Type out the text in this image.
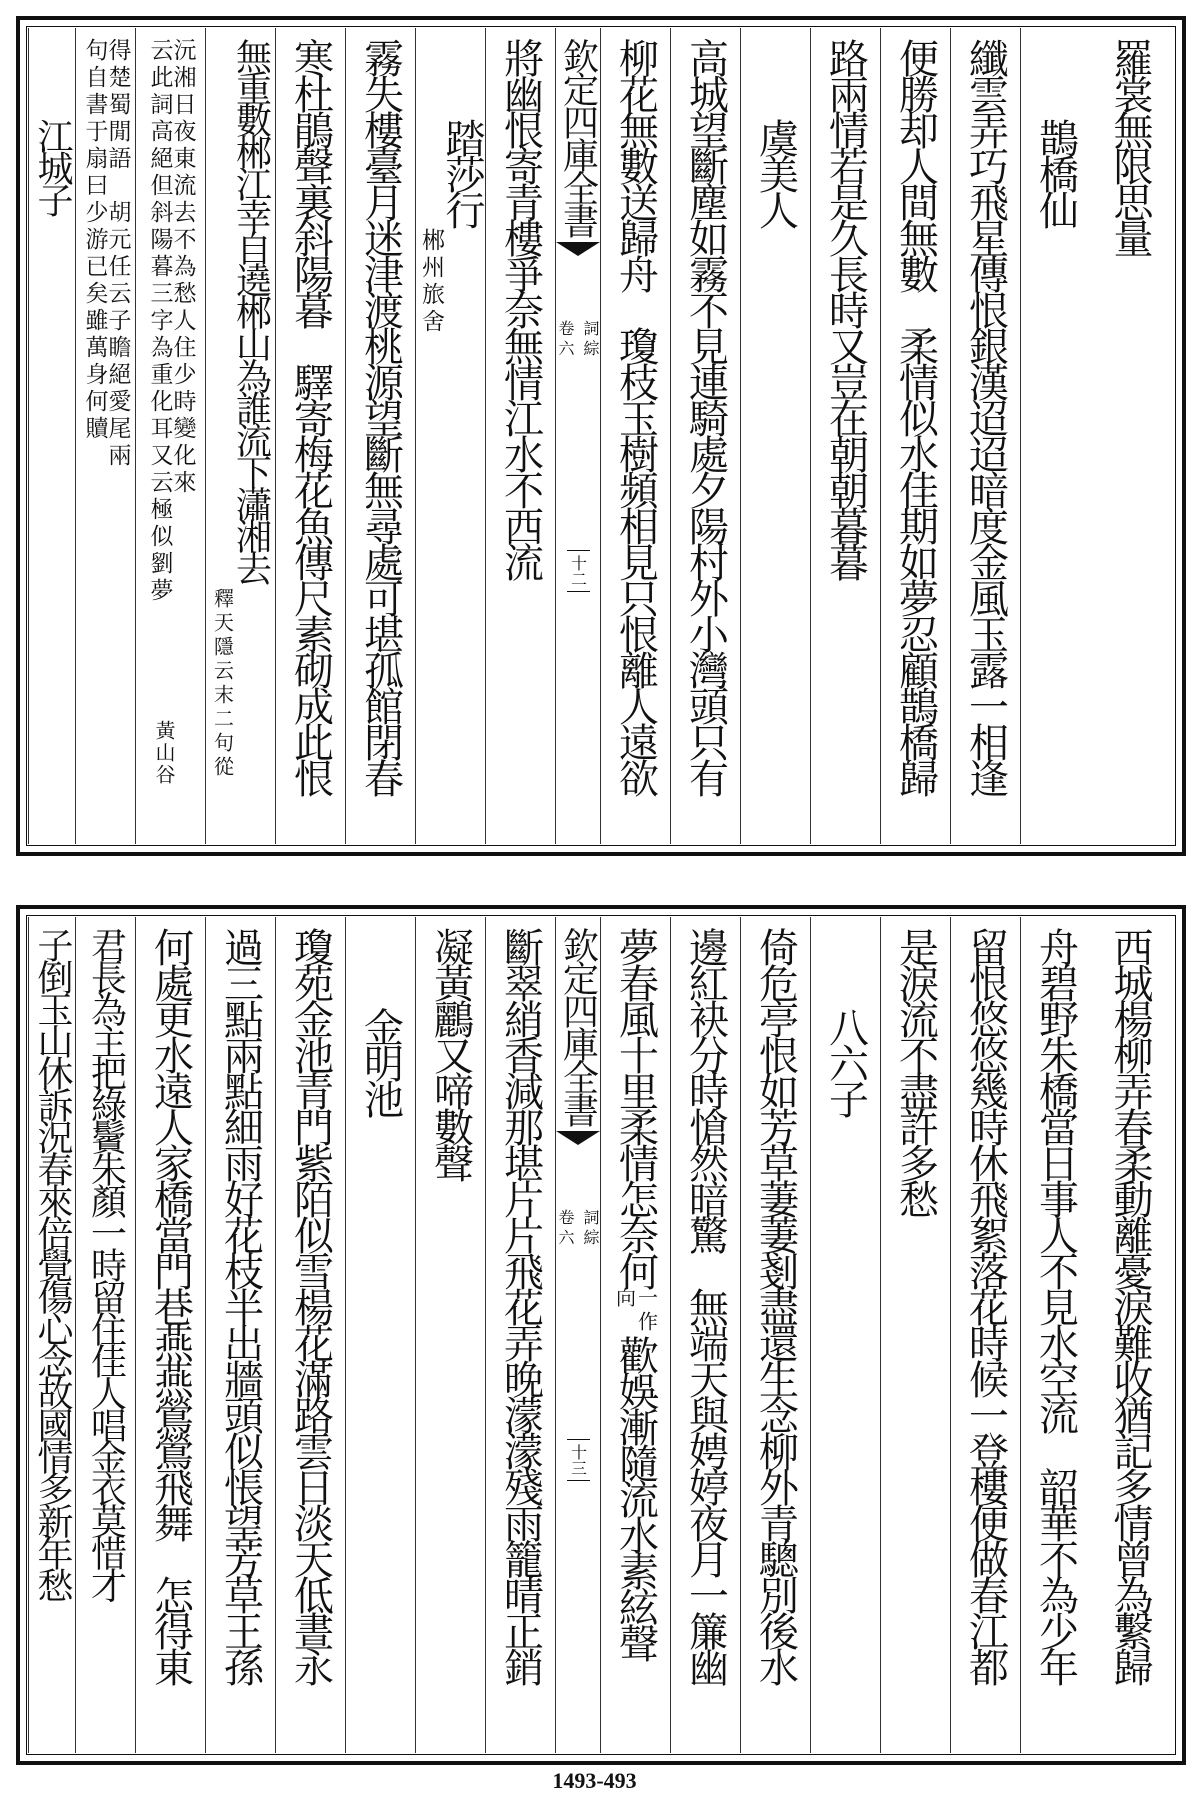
羅裳無限思量
鵲橋仙
纖雲弄巧飛星傳恨銀漢迢迢暗度金風玉露一相逢
便勝却人間無數　柔情似水佳期如夢忍顧鵲橋歸
路兩情若是久長時又豈在朝朝暮暮
虞美人
高城望斷塵如霧不見連騎處夕陽村外小灣頭只有
柳花無數送歸舟　瓊枝玉樹頻相見只恨離人遠欲
欽定四庫全書
詞綜
卷六
十二
將幽恨寄青樓爭奈無情江水不西流
踏莎行
郴州旅舍
霧失樓臺月迷津渡桃源望斷無尋處可堪孤館閉春
寒杜鵑聲裏斜陽暮　驛寄梅花魚傳尺素砌成此恨
無重數郴江幸自遶郴山為誰流下瀟湘去
釋天隱云末二句從
沅湘日夜東流去不為愁人住少時變化來
云此詞高絕但斜陽暮三字為重化耳又云極似劉夢
得楚蜀閒語　胡元任云子瞻絕愛尾兩
句自書于扇曰少游已矣雖萬身何贖
江城子
黃山谷
西城楊柳弄春柔動離憂淚難收猶記多情曾為繫歸
舟碧野朱橋當日事人不見水空流　韶華不為少年
留恨悠悠幾時休飛絮落花時候一登樓便做春江都
是淚流不盡許多愁
八六子
倚危亭恨如芳草萋萋剗盡還生念柳外青驄別後水
邊紅袂分時愴然暗驚　無端天與娉婷夜月一簾幽
夢春風十里柔情怎奈何
一作
向
歡娛漸隨流水素絃聲
欽定四庫全書
詞綜
卷六
十三
斷翠綃香減那堪片片飛花弄晚濛濛殘雨籠晴正銷
凝黃鸝又啼數聲
金明池
瓊苑金池青門紫陌似雪楊花滿路雲日淡天低晝永
過三點兩點細雨好花枝半出牆頭似悵望芳草王孫
何處更水遠人家橋當門巷燕燕鶯鶯飛舞　怎得東
君長為主把綠鬢朱顏一時留住佳人唱金衣莫惜才
子倒玉山休訴況春來倍覺傷心念故國情多新年愁
1493-493
